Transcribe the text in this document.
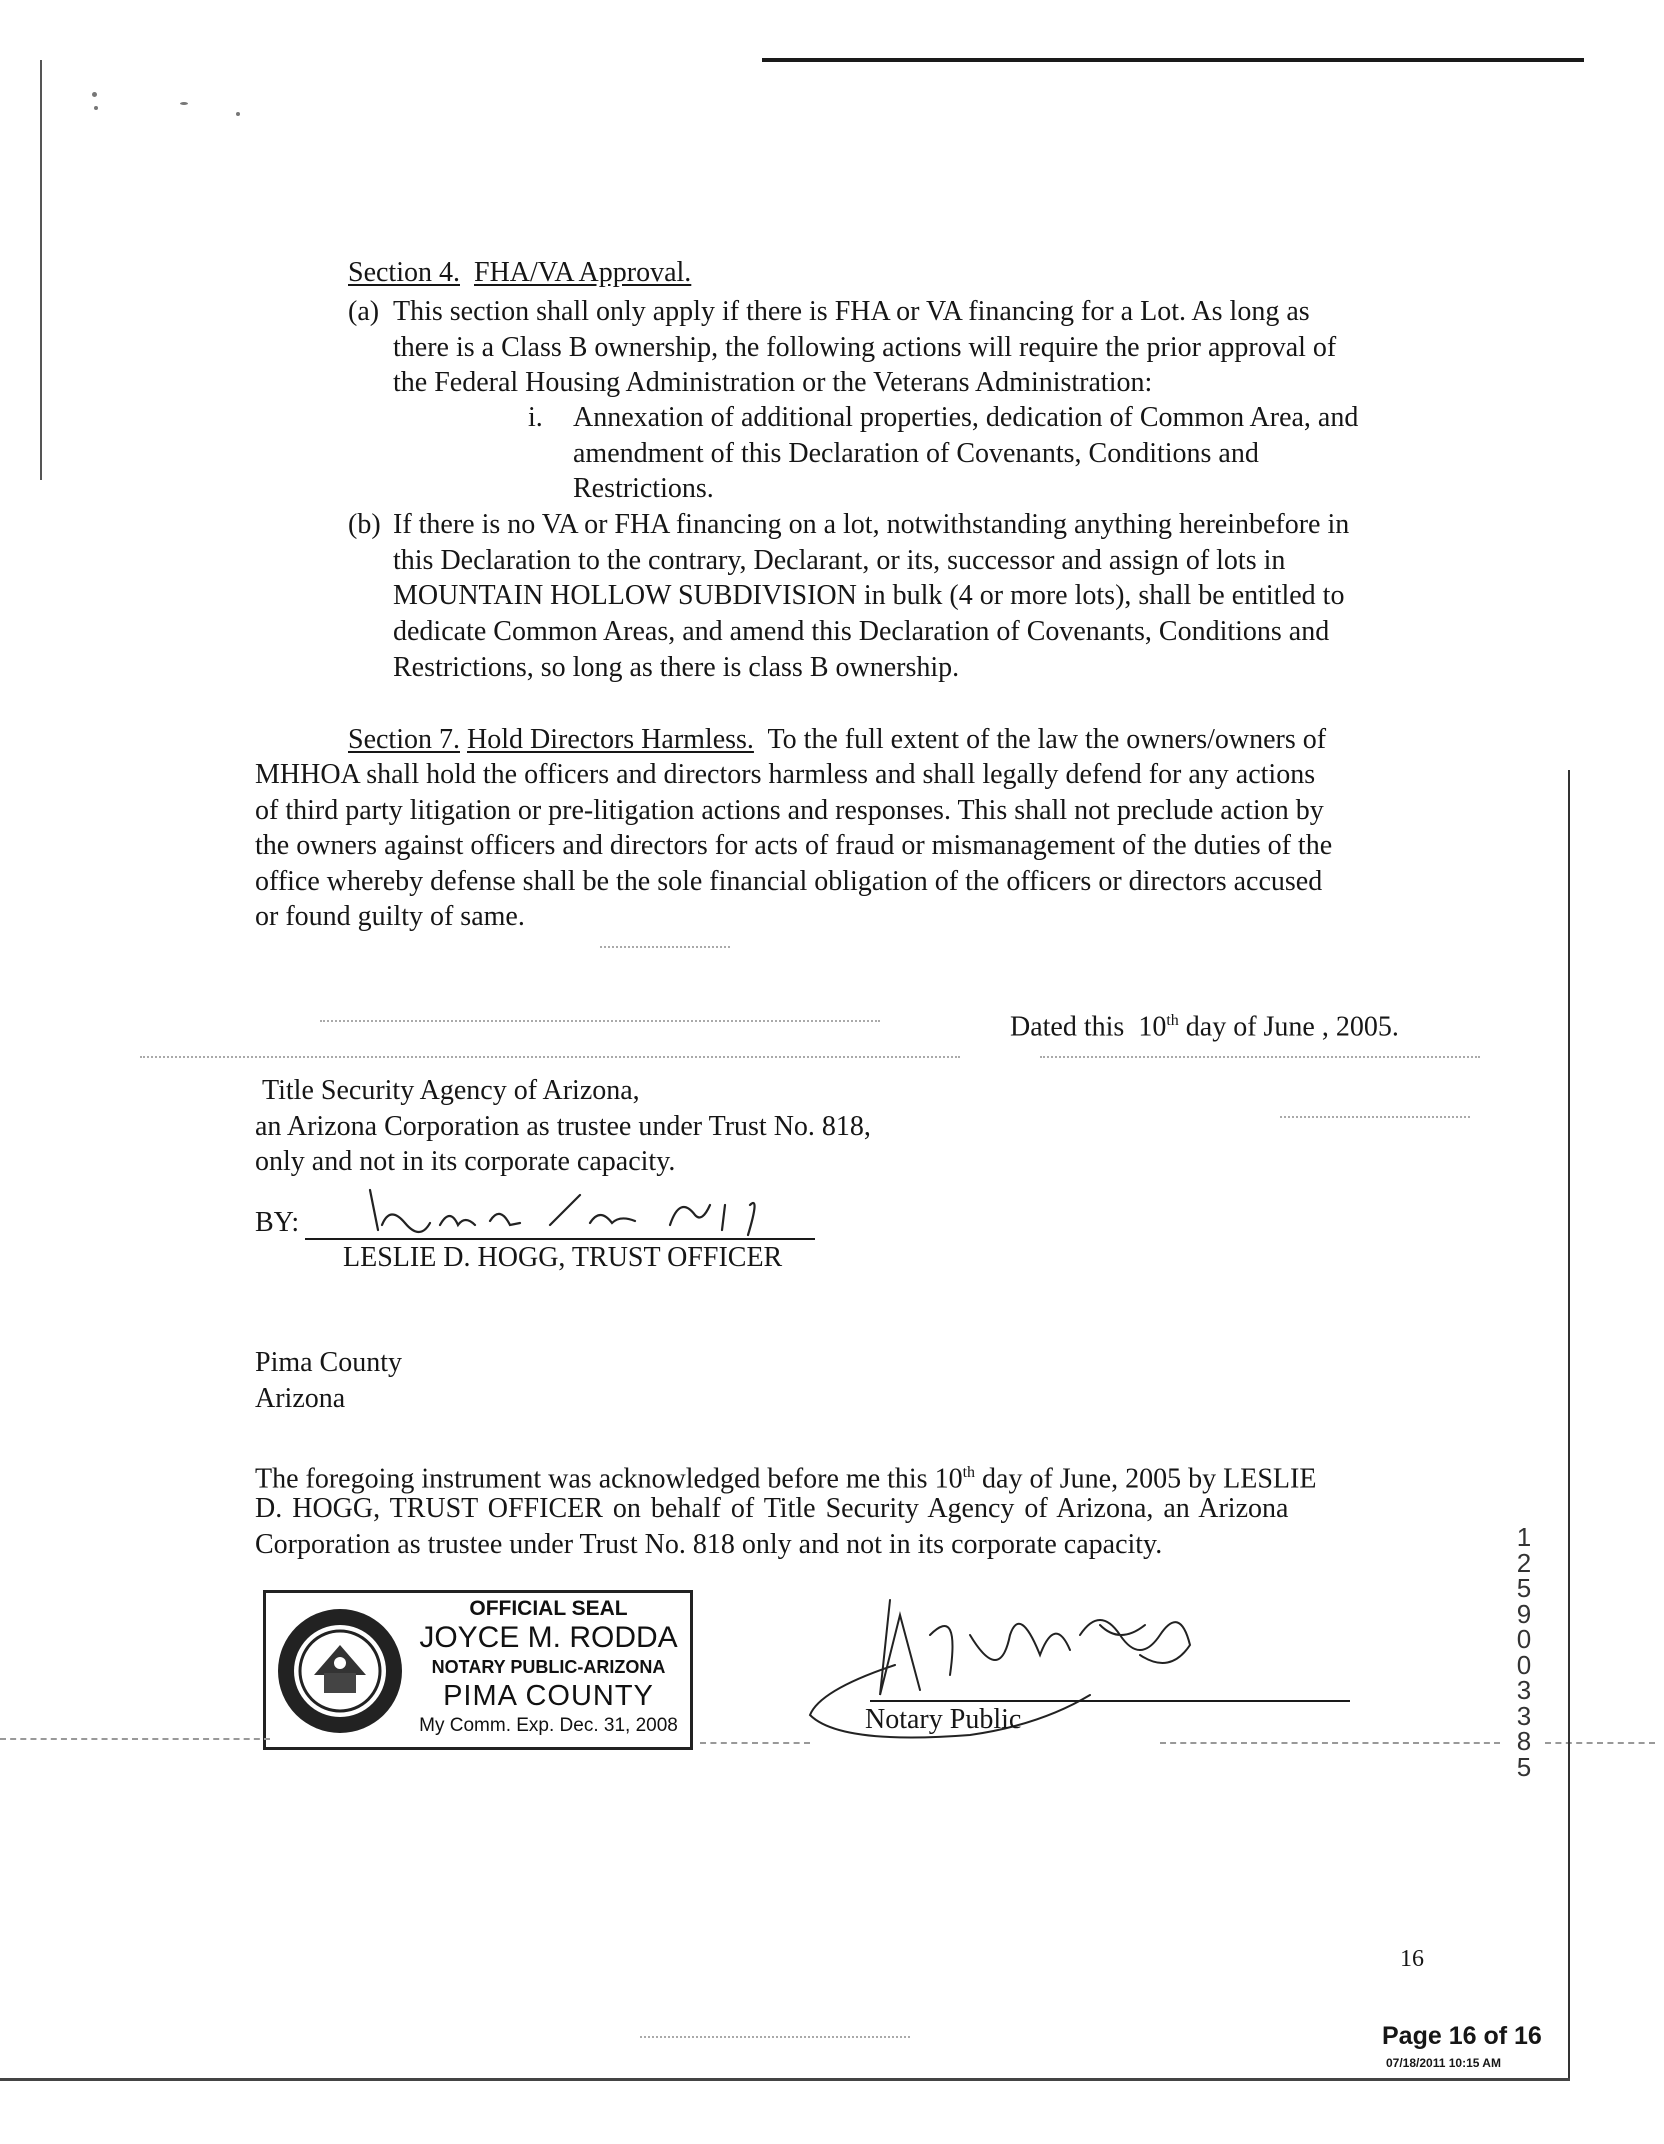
Section 4. FHA/VA Approval.
(a) This section shall only apply if there is FHA or VA financing for a Lot. As long as
there is a Class B ownership, the following actions will require the prior approval of
the Federal Housing Administration or the Veterans Administration:
i. Annexation of additional properties, dedication of Common Area, and
amendment of this Declaration of Covenants, Conditions and
Restrictions.
(b) If there is no VA or FHA financing on a lot, notwithstanding anything hereinbefore in
this Declaration to the contrary, Declarant, or its, successor and assign of lots in
MOUNTAIN HOLLOW SUBDIVISION in bulk (4 or more lots), shall be entitled to
dedicate Common Areas, and amend this Declaration of Covenants, Conditions and
Restrictions, so long as there is class B ownership.
Section 7. Hold Directors Harmless. To the full extent of the law the owners/owners of
MHHOA shall hold the officers and directors harmless and shall legally defend for any actions
of third party litigation or pre-litigation actions and responses. This shall not preclude action by
the owners against officers and directors for acts of fraud or mismanagement of the duties of the
office whereby defense shall be the sole financial obligation of the officers or directors accused
or found guilty of same.
Dated this 10th day of June , 2005.
Title Security Agency of Arizona,
an Arizona Corporation as trustee under Trust No. 818,
only and not in its corporate capacity.
BY:
LESLIE D. HOGG, TRUST OFFICER
Pima County
Arizona
The foregoing instrument was acknowledged before me this 10th day of June, 2005 by LESLIE
D. HOGG, TRUST OFFICER on behalf of Title Security Agency of Arizona, an Arizona
Corporation as trustee under Trust No. 818 only and not in its corporate capacity.
OFFICIAL SEAL
JOYCE M. RODDA
NOTARY PUBLIC-ARIZONA
PIMA COUNTY
My Comm. Exp. Dec. 31, 2008	Notary Public
12590 03385
16
Page 16 of 16
07/18/2011 10:15 AM
